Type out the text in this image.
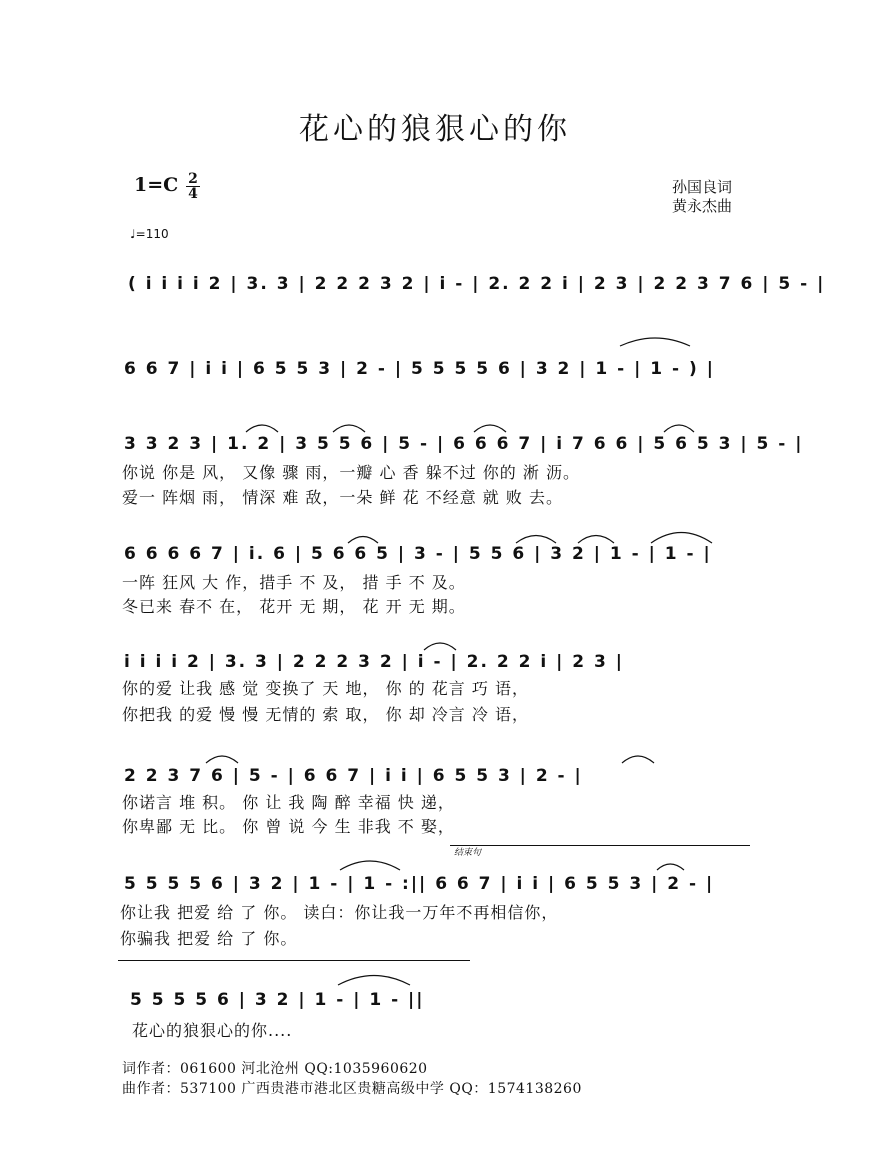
花心的狼狠心的你
1=C 2
4
♩=110
孙国良词
黄永杰曲
( i i i i 2 | 3. 3 | 2 2 2 3 2 | i - | 2. 2 2 i | 2 3 | 2 2 3 7 6 | 5 - |
6 6 7 | i i | 6 5 5 3 | 2 - | 5 5 5 5 6 | 3 2 | 1 - | 1 - ) |
3 3 2 3 | 1. 2 | 3 5 5 6 | 5 - | 6 6 6 7 | i 7 6 6 | 5 6 5 3 | 5 - |
你说 你是 风， 又像 骤 雨，一瓣 心 香 躲不过 你的 淅 沥。
爱一 阵烟 雨， 情深 难 敌，一朵 鲜 花 不经意 就 败 去。
6 6 6 6 7 | i. 6 | 5 6 6 5 | 3 - | 5 5 6 | 3 2 | 1 - | 1 - |
一阵 狂风 大 作，措手 不 及， 措 手 不 及。
冬已来 春不 在， 花开 无 期， 花 开 无 期。
i i i i 2 | 3. 3 | 2 2 2 3 2 | i - | 2. 2 2 i | 2 3 |
你的爱 让我 感 觉 变换了 天 地， 你 的 花言 巧 语，
你把我 的爱 慢 慢 无情的 索 取， 你 却 冷言 冷 语，
2 2 3 7 6 | 5 - | 6 6 7 | i i | 6 5 5 3 | 2 - |
你诺言 堆 积。 你 让 我 陶 醉 幸福 快 递，
你卑鄙 无 比。 你 曾 说 今 生 非我 不 娶，
结束句
5 5 5 5 6 | 3 2 | 1 - | 1 - :|| 6 6 7 | i i | 6 5 5 3 | 2 - |
你让我 把爱 给 了 你。 读白：你让我一万年不再相信你，
你骗我 把爱 给 了 你。
5 5 5 5 6 | 3 2 | 1 - | 1 - ||
花心的狼狠心的你....
词作者：061600 河北沧州 QQ:1035960620
曲作者：537100 广西贵港市港北区贵糖高级中学 QQ：1574138260
